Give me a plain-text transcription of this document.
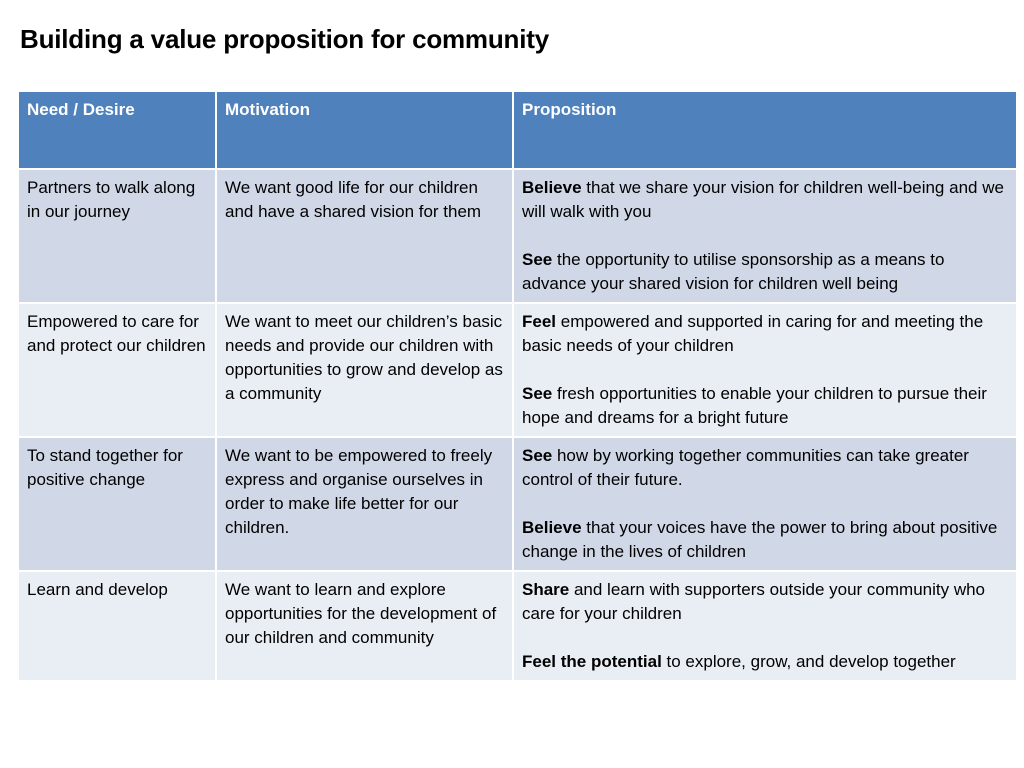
Building a value proposition for community
Need / Desire	Motivation	Proposition
Partners to walk along in our journey	We want good life for our children and have a shared vision for them	Believe that we share your vision for children well-being and we will walk with you
See the opportunity to utilise sponsorship as a means to advance your shared vision for children well being

Empowered to care for and protect our children	We want to meet our children’s basic needs and provide our children with opportunities to grow and develop as a community	Feel empowered and supported in caring for and meeting the basic needs of your children
See fresh opportunities to enable your children to pursue their hope and dreams for a bright future

To stand together for positive change	We want to be empowered to freely express and organise ourselves in order to make life better for our children.	See how by working together communities can take greater control of their future.
Believe that your voices have the power to bring about positive change in the lives of children

Learn and develop	We want to learn and explore opportunities for the development of our children and community	Share and learn with supporters outside your community who care for your children
Feel the potential to explore, grow, and develop together
